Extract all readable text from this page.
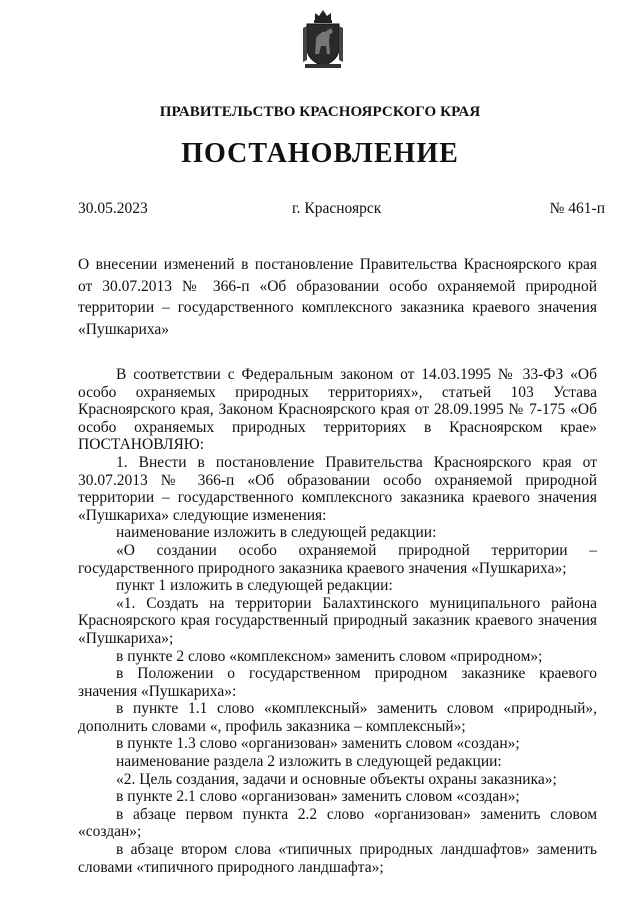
ПРАВИТЕЛЬСТВО КРАСНОЯРСКОГО КРАЯ
ПОСТАНОВЛЕНИЕ
30.05.2023	г. Красноярск	№ 461-п
О внесении изменений в постановление Правительства Красноярского края от 30.07.2013 № 366-п «Об образовании особо охраняемой природной территории – государственного комплексного заказника краевого значения «Пушкариха»

В соответствии с Федеральным законом от 14.03.1995 № 33-ФЗ «Об особо охраняемых природных территориях», статьей 103 Устава Красноярского края, Законом Красноярского края от 28.09.1995 № 7-175 «Об особо охраняемых природных территориях в Красноярском крае» ПОСТАНОВЛЯЮ:

1. Внести в постановление Правительства Красноярского края от 30.07.2013 № 366-п «Об образовании особо охраняемой природной территории – государственного комплексного заказника краевого значения «Пушкариха» следующие изменения:

наименование изложить в следующей редакции:

«О создании особо охраняемой природной территории – государственного природного заказника краевого значения «Пушкариха»;

пункт 1 изложить в следующей редакции:

«1. Создать на территории Балахтинского муниципального района Красноярского края государственный природный заказник краевого значения «Пушкариха»;

в пункте 2 слово «комплексном» заменить словом «природном»;

в Положении о государственном природном заказнике краевого значения «Пушкариха»:

в пункте 1.1 слово «комплексный» заменить словом «природный», дополнить словами «, профиль заказника – комплексный»;

в пункте 1.3 слово «организован» заменить словом «создан»;

наименование раздела 2 изложить в следующей редакции:

«2. Цель создания, задачи и основные объекты охраны заказника»;

в пункте 2.1 слово «организован» заменить словом «создан»;

в абзаце первом пункта 2.2 слово «организован» заменить словом «создан»;

в абзаце втором слова «типичных природных ландшафтов» заменить словами «типичного природного ландшафта»;
